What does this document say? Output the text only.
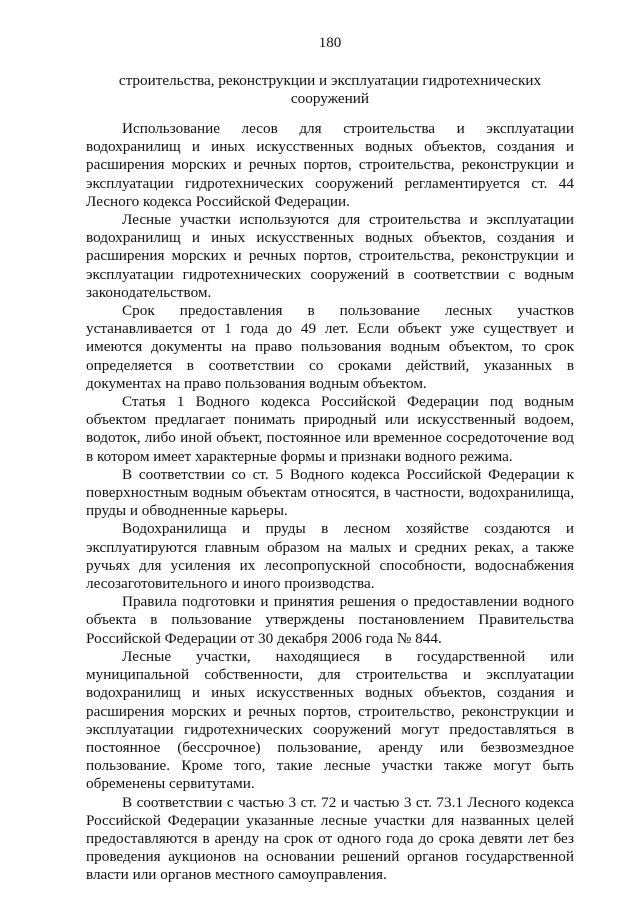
180
строительства, реконструкции и эксплуатации гидротехнических сооружений

Использование лесов для строительства и эксплуатации водохранилищ и иных искусственных водных объектов, создания и расширения морских и речных портов, строительства, реконструкции и эксплуатации гидротехнических сооружений регламентируется ст. 44 Лесного кодекса Российской Федерации.

Лесные участки используются для строительства и эксплуатации водохранилищ и иных искусственных водных объектов, создания и расширения морских и речных портов, строительства, реконструкции и эксплуатации гидротехнических сооружений в соответствии с водным законодательством.

Срок предоставления в пользование лесных участков устанавливается от 1 года до 49 лет. Если объект уже существует и имеются документы на право пользования водным объектом, то срок определяется в соответствии со сроками действий, указанных в документах на право пользования водным объектом.

Статья 1 Водного кодекса Российской Федерации под водным объектом предлагает понимать природный или искусственный водоем, водоток, либо иной объект, постоянное или временное сосредоточение вод в котором имеет характерные формы и признаки водного режима.

В соответствии со ст. 5 Водного кодекса Российской Федерации к поверхностным водным объектам относятся, в частности, водохранилища, пруды и обводненные карьеры.

Водохранилища и пруды в лесном хозяйстве создаются и эксплуатируются главным образом на малых и средних реках, а также ручьях для усиления их лесопропускной способности, водоснабжения лесозаготовительного и иного производства.

Правила подготовки и принятия решения о предоставлении водного объекта в пользование утверждены постановлением Правительства Российской Федерации от 30 декабря 2006 года № 844.

Лесные участки, находящиеся в государственной или муниципальной собственности, для строительства и эксплуатации водохранилищ и иных искусственных водных объектов, создания и расширения морских и речных портов, строительство, реконструкции и эксплуатации гидротехнических сооружений могут предоставляться в постоянное (бессрочное) пользование, аренду или безвозмездное пользование. Кроме того, такие лесные участки также могут быть обременены сервитутами.

В соответствии с частью 3 ст. 72 и частью 3 ст. 73.1 Лесного кодекса Российской Федерации указанные лесные участки для названных целей предоставляются в аренду на срок от одного года до срока девяти лет без проведения аукционов на основании решений органов государственной власти или органов местного самоуправления.
